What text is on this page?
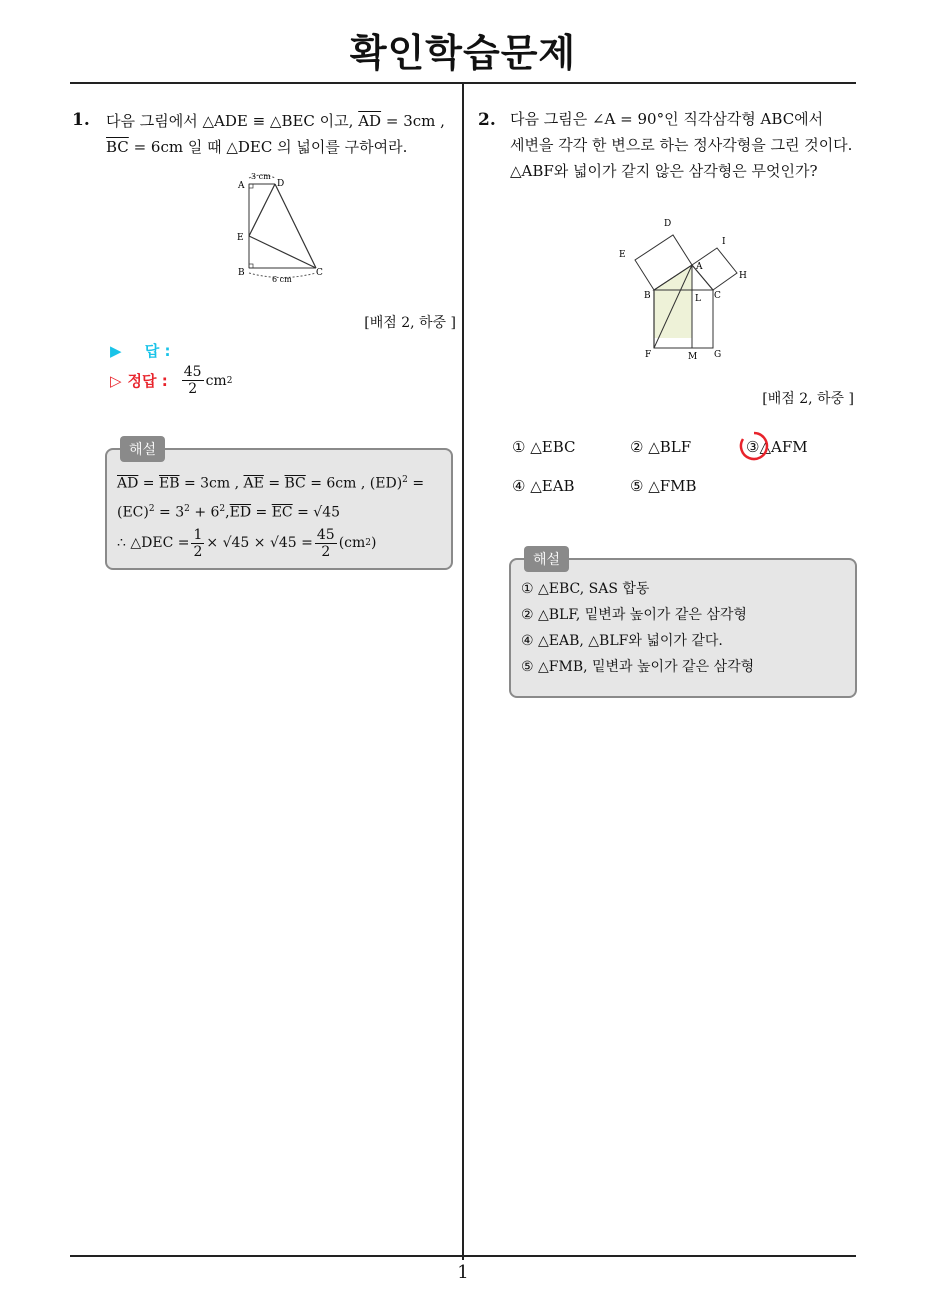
확인학습문제
1
1. 다음 그림에서 △ADE ≡ △BEC 이고, $\overline{AD} = 3cm$ ,
$\overline{BC} = 6cm$ 일 때 △DEC 의 넓이를 구하여라.
A	D
E
B	C
3 cm
6 cm
[배점 2, 하중 ]
▶ 답 :
▷ 정답 : $\frac{45}{2}$ cm 2
해설
$\overline{AD} = \overline{EB} = 3cm$ , $\overline{AE} = \overline{BC} = 6cm$ , (ED)$^2$ =
$(EC)^2 = 3^2 + 6^2,\overline{ED} = \overline{EC} = √45$
∴ △DEC = $\frac{1}{2} \times √45 \times √45 = \frac{45}{2} (cm$ 2 )
2. 다음 그림은 ∠A = 90°인 직각삼각형 ABC에서
세변을 각각 한 변으로 하는 정사각형을 그린 것이다.
△ABF와 넓이가 같지 않은 삼각형은 무엇인가?
D
I
E
A
H
B	L C
F	M G
[배점 2, 하중 ]
① △EBC	② △BLF	③△AFM
④ △EAB	⑤ △FMB
해설
① △EBC, SAS 합동
② △BLF, 밑변과 높이가 같은 삼각형
④ △EAB, △BLF와 넓이가 같다.
⑤ △FMB, 밑변과 높이가 같은 삼각형
